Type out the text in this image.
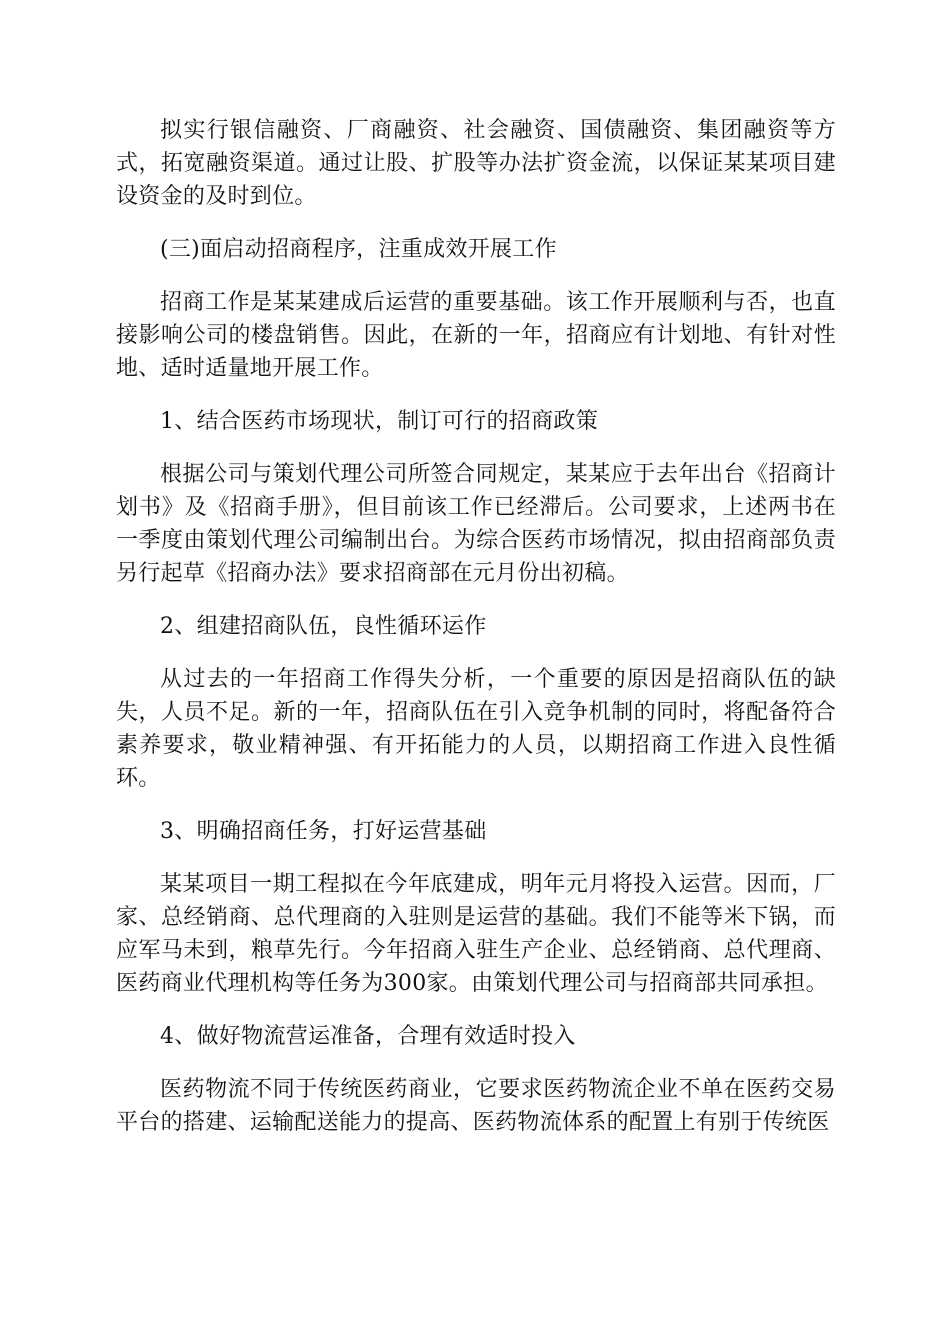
拟实行银信融资、厂商融资、社会融资、国债融资、集团融资等方式，拓宽融资渠道。通过让股、扩股等办法扩资金流，以保证某某项目建设资金的及时到位。

(三)面启动招商程序，注重成效开展工作

招商工作是某某建成后运营的重要基础。该工作开展顺利与否，也直接影响公司的楼盘销售。因此，在新的一年，招商应有计划地、有针对性地、适时适量地开展工作。

1、结合医药市场现状，制订可行的招商政策

根据公司与策划代理公司所签合同规定，某某应于去年出台《招商计划书》及《招商手册》，但目前该工作已经滞后。公司要求，上述两书在一季度由策划代理公司编制出台。为综合医药市场情况，拟由招商部负责另行起草《招商办法》要求招商部在元月份出初稿。

2、组建招商队伍，良性循环运作

从过去的一年招商工作得失分析，一个重要的原因是招商队伍的缺失，人员不足。新的一年，招商队伍在引入竞争机制的同时，将配备符合素养要求，敬业精神强、有开拓能力的人员，以期招商工作进入良性循环。

3、明确招商任务，打好运营基础

某某项目一期工程拟在今年底建成，明年元月将投入运营。因而，厂家、总经销商、总代理商的入驻则是运营的基础。我们不能等米下锅，而应军马未到，粮草先行。今年招商入驻生产企业、总经销商、总代理商、医药商业代理机构等任务为300家。由策划代理公司与招商部共同承担。

4、做好物流营运准备，合理有效适时投入

医药物流不同于传统医药商业，它要求医药物流企业不单在医药交易平台的搭建、运输配送能力的提高、医药物流体系的配置上有别于传统医
